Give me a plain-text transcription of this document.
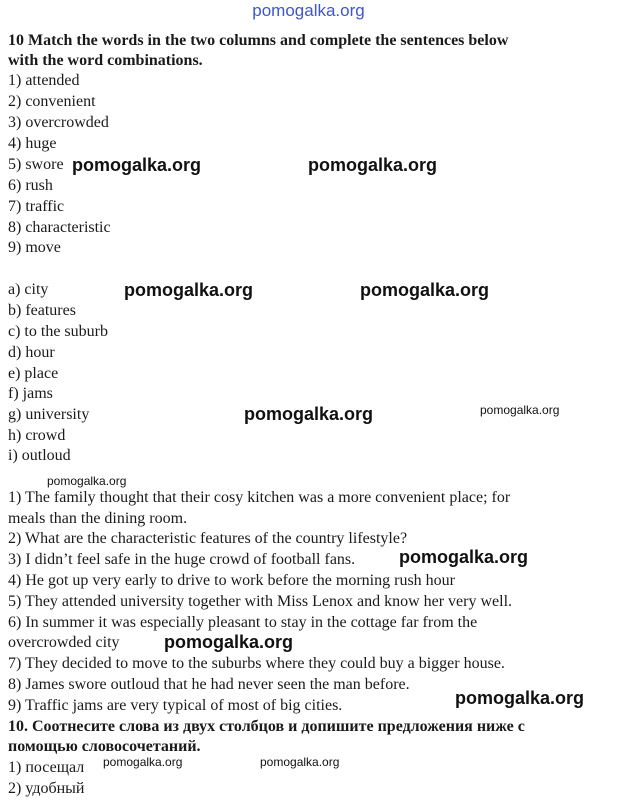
pomogalka.org
10 Match the words in the two columns and complete the sentences below
with the word combinations.
1) attended
2) convenient
3) overcrowded
4) huge
5) swore
6) rush
7) traffic
8) characteristic
9) move
a) city
b) features
c) to the suburb
d) hour
e) place
f) jams
g) university
h) crowd
i) outloud
1) The family thought that their cosy kitchen was a more convenient place; for
meals than the dining room.
2) What are the characteristic features of the country lifestyle?
3) I didn’t feel safe in the huge crowd of football fans.
4) He got up very early to drive to work before the morning rush hour
5) They attended university together with Miss Lenox and know her very well.
6) In summer it was especially pleasant to stay in the cottage far from the
overcrowded city
7) They decided to move to the suburbs where they could buy a bigger house.
8) James swore outloud that he had never seen the man before.
9) Traffic jams are very typical of most of big cities.
10. Соотнесите слова из двух столбцов и допишите предложения ниже с
помощью словосочетаний.
1) посещал
2) удобный
pomogalka.org	pomogalka.org
pomogalka.org	pomogalka.org
pomogalka.org	pomogalka.org
pomogalka.org
pomogalka.org
pomogalka.org
pomogalka.org
pomogalka.org	pomogalka.org
